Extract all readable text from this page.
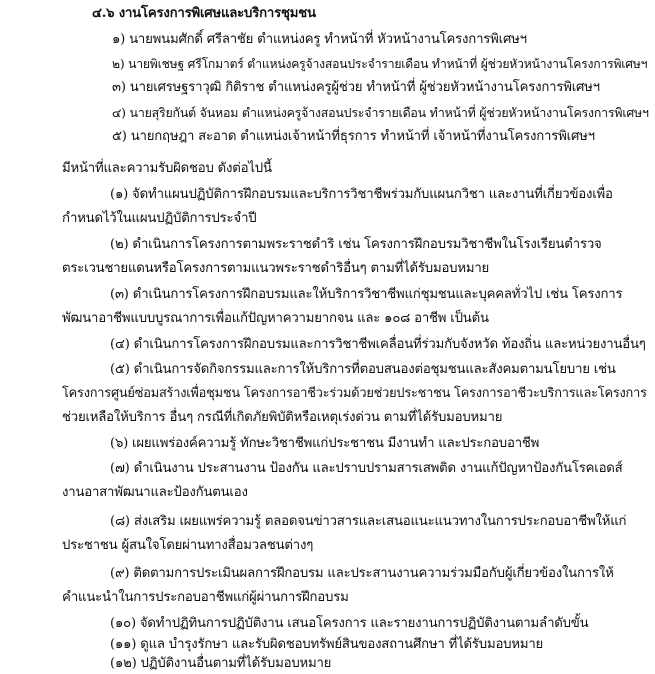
๔.๖ งานโครงการพิเศษและบริการชุมชน
๑) นายพนมศักดิ์ ศรีลาชัย ตำแหน่งครู ทำหน้าที่ หัวหน้างานโครงการพิเศษฯ
๒) นายพิเชษฐ ศรีโกมาตร์ ตำแหน่งครูจ้างสอนประจำรายเดือน ทำหน้าที่ ผู้ช่วยหัวหน้างานโครงการพิเศษฯ
๓) นายเศรษฐราวุฒิ กิติราช ตำแหน่งครูผู้ช่วย ทำหน้าที่ ผู้ช่วยหัวหน้างานโครงการพิเศษฯ
๔) นายสุริยกันต์ จันหอม ตำแหน่งครูจ้างสอนประจำรายเดือน ทำหน้าที่ ผู้ช่วยหัวหน้างานโครงการพิเศษฯ
๕) นายกฤษฎา สะอาด ตำแหน่งเจ้าหน้าที่ธุรการ ทำหน้าที่ เจ้าหน้าที่งานโครงการพิเศษฯ
มีหน้าที่และความรับผิดชอบ ดังต่อไปนี้
(๑) จัดทำแผนปฏิบัติการฝึกอบรมและบริการวิชาชีพร่วมกับแผนกวิชา และงานที่เกี่ยวข้องเพื่อ
กำหนดไว้ในแผนปฏิบัติการประจำปี
(๒) ดำเนินการโครงการตามพระราชดำริ เช่น โครงการฝึกอบรมวิชาชีพในโรงเรียนตำรวจ
ตระเวนชายแดนหรือโครงการตามแนวพระราชดำริอื่นๆ ตามที่ได้รับมอบหมาย
(๓) ดำเนินการโครงการฝึกอบรมและให้บริการวิชาชีพแก่ชุมชนและบุคคลทั่วไป เช่น โครงการ
พัฒนาอาชีพแบบบูรณาการเพื่อแก้ปัญหาความยากจน และ ๑๐๘ อาชีพ เป็นต้น
(๔) ดำเนินการโครงการฝึกอบรมและการวิชาชีพเคลื่อนที่ร่วมกับจังหวัด ท้องถิ่น และหน่วยงานอื่นๆ
(๕) ดำเนินการจัดกิจกรรมและการให้บริการที่ตอบสนองต่อชุมชนและสังคมตามนโยบาย เช่น
โครงการศูนย์ซ่อมสร้างเพื่อชุมชน โครงการอาชีวะร่วมด้วยช่วยประชาชน โครงการอาชีวะบริการและโครงการ
ช่วยเหลือให้บริการ อื่นๆ กรณีที่เกิดภัยพิบัติหรือเหตุเร่งด่วน ตามที่ได้รับมอบหมาย
(๖) เผยแพร่องค์ความรู้ ทักษะวิชาชีพแก่ประชาชน มีงานทำ และประกอบอาชีพ
(๗) ดำเนินงาน ประสานงาน ป้องกัน และปราบปรามสารเสพติด งานแก้ปัญหาป้องกันโรคเอดส์
งานอาสาพัฒนาและป้องกันตนเอง
(๘) ส่งเสริม เผยแพร่ความรู้ ตลอดจนข่าวสารและเสนอแนะแนวทางในการประกอบอาชีพให้แก่
ประชาชน ผู้สนใจโดยผ่านทางสื่อมวลชนต่างๆ
(๙) ติดตามการประเมินผลการฝึกอบรม และประสานงานความร่วมมือกับผู้เกี่ยวข้องในการให้
คำแนะนำในการประกอบอาชีพแก่ผู้ผ่านการฝึกอบรม
(๑๐) จัดทำปฏิทินการปฏิบัติงาน เสนอโครงการ และรายงานการปฏิบัติงานตามลำดับขั้น
(๑๑) ดูแล บำรุงรักษา และรับผิดชอบทรัพย์สินของสถานศึกษา ที่ได้รับมอบหมาย
(๑๒) ปฏิบัติงานอื่นตามที่ได้รับมอบหมาย
